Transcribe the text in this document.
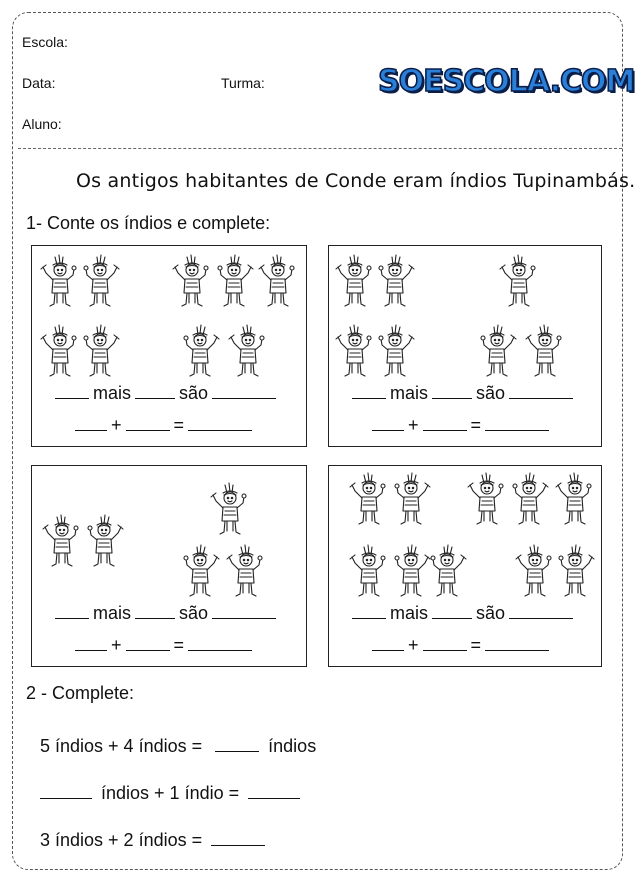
Escola:
Data:	Turma:
Aluno:
SOESCOLA.COM
Os antigos habitantes de Conde eram índios Tupinambás.
1- Conte os índios e complete:
mais	são
+	=
mais	são
+	=
mais	são
+	=
mais	são
+	=
2 - Complete:
5 índios + 4 índios =	índios
índios + 1 índio =
3 índios + 2 índios =
